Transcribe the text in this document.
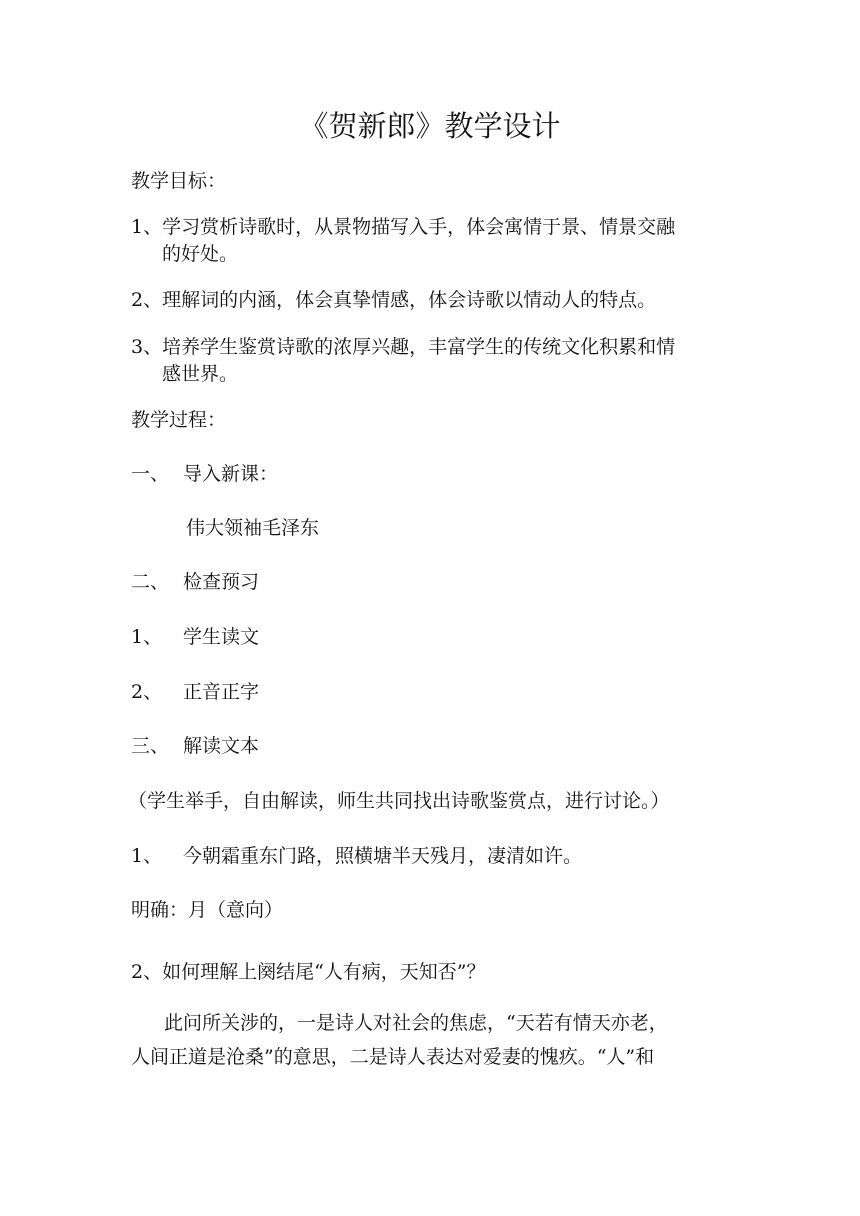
《贺新郎》教学设计
教学目标：
1、学习赏析诗歌时，从景物描写入手，体会寓情于景、情景交融
的好处。
2、理解词的内涵，体会真挚情感，体会诗歌以情动人的特点。
3、培养学生鉴赏诗歌的浓厚兴趣，丰富学生的传统文化积累和情
感世界。
教学过程：
一、 导入新课：
伟大领袖毛泽东
二、 检查预习
1、 学生读文
2、 正音正字
三、 解读文本
（学生举手，自由解读，师生共同找出诗歌鉴赏点，进行讨论。）
1、 今朝霜重东门路，照横塘半天残月，凄清如许。
明确：月（意向）
2、如何理解上阕结尾“人有病，天知否”？
此问所关涉的，一是诗人对社会的焦虑，“天若有情天亦老，
人间正道是沧桑”的意思，二是诗人表达对爱妻的愧疚。“人”和
